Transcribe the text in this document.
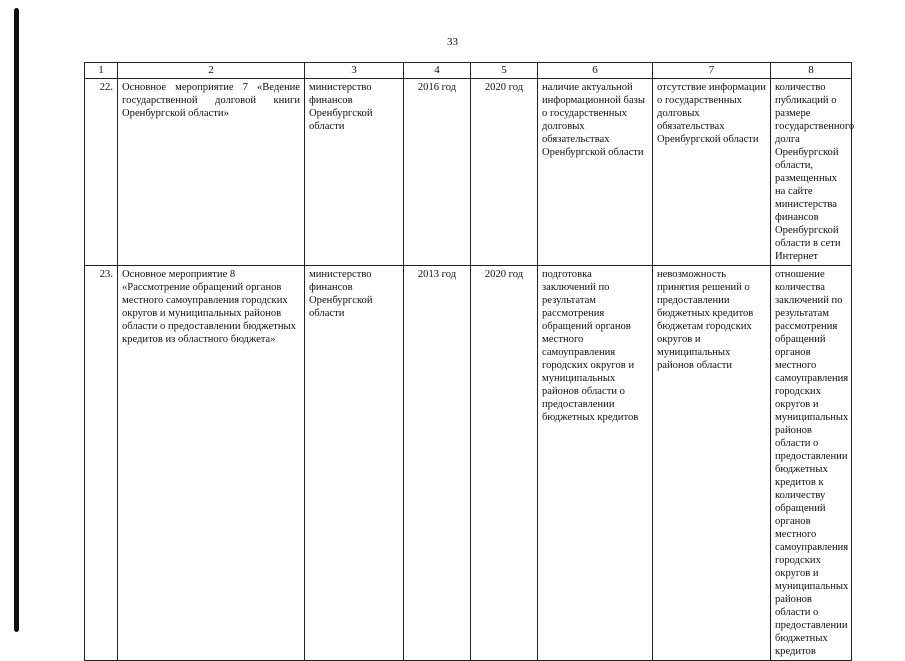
33
1	2	3	4	5	6	7	8
22.	Основное мероприятие 7 «Ведение государственной долговой книги Оренбургской области»	министерство финансов Оренбургской области	2016 год	2020 год	наличие актуальной информационной базы о государственных долговых обязательствах Оренбургской области	отсутствие информации о государственных долговых обязательствах Оренбургской области	количество публикаций о размере государственного долга Оренбургской области, размещенных на сайте министерства финансов Оренбургской области в сети Интернет
23.	Основное мероприятие 8 «Рассмотрение обращений органов местного самоуправления городских округов и муниципальных районов области о предоставлении бюджетных кредитов из областного бюджета»	министерство финансов Оренбургской области	2013 год	2020 год	подготовка заключений по результатам рассмотрения обращений органов местного самоуправления городских округов и муниципальных районов области о предоставлении бюджетных кредитов	невозможность принятия решений о предоставлении бюджетных кредитов бюджетам городских округов и муниципальных районов области	отношение количества заключений по результатам рассмотрения обращений органов местного самоуправления городских округов и муниципальных районов области о предоставлении бюджетных кредитов к количеству обращений органов местного самоуправления городских округов и муниципальных районов области о предоставлении бюджетных кредитов
